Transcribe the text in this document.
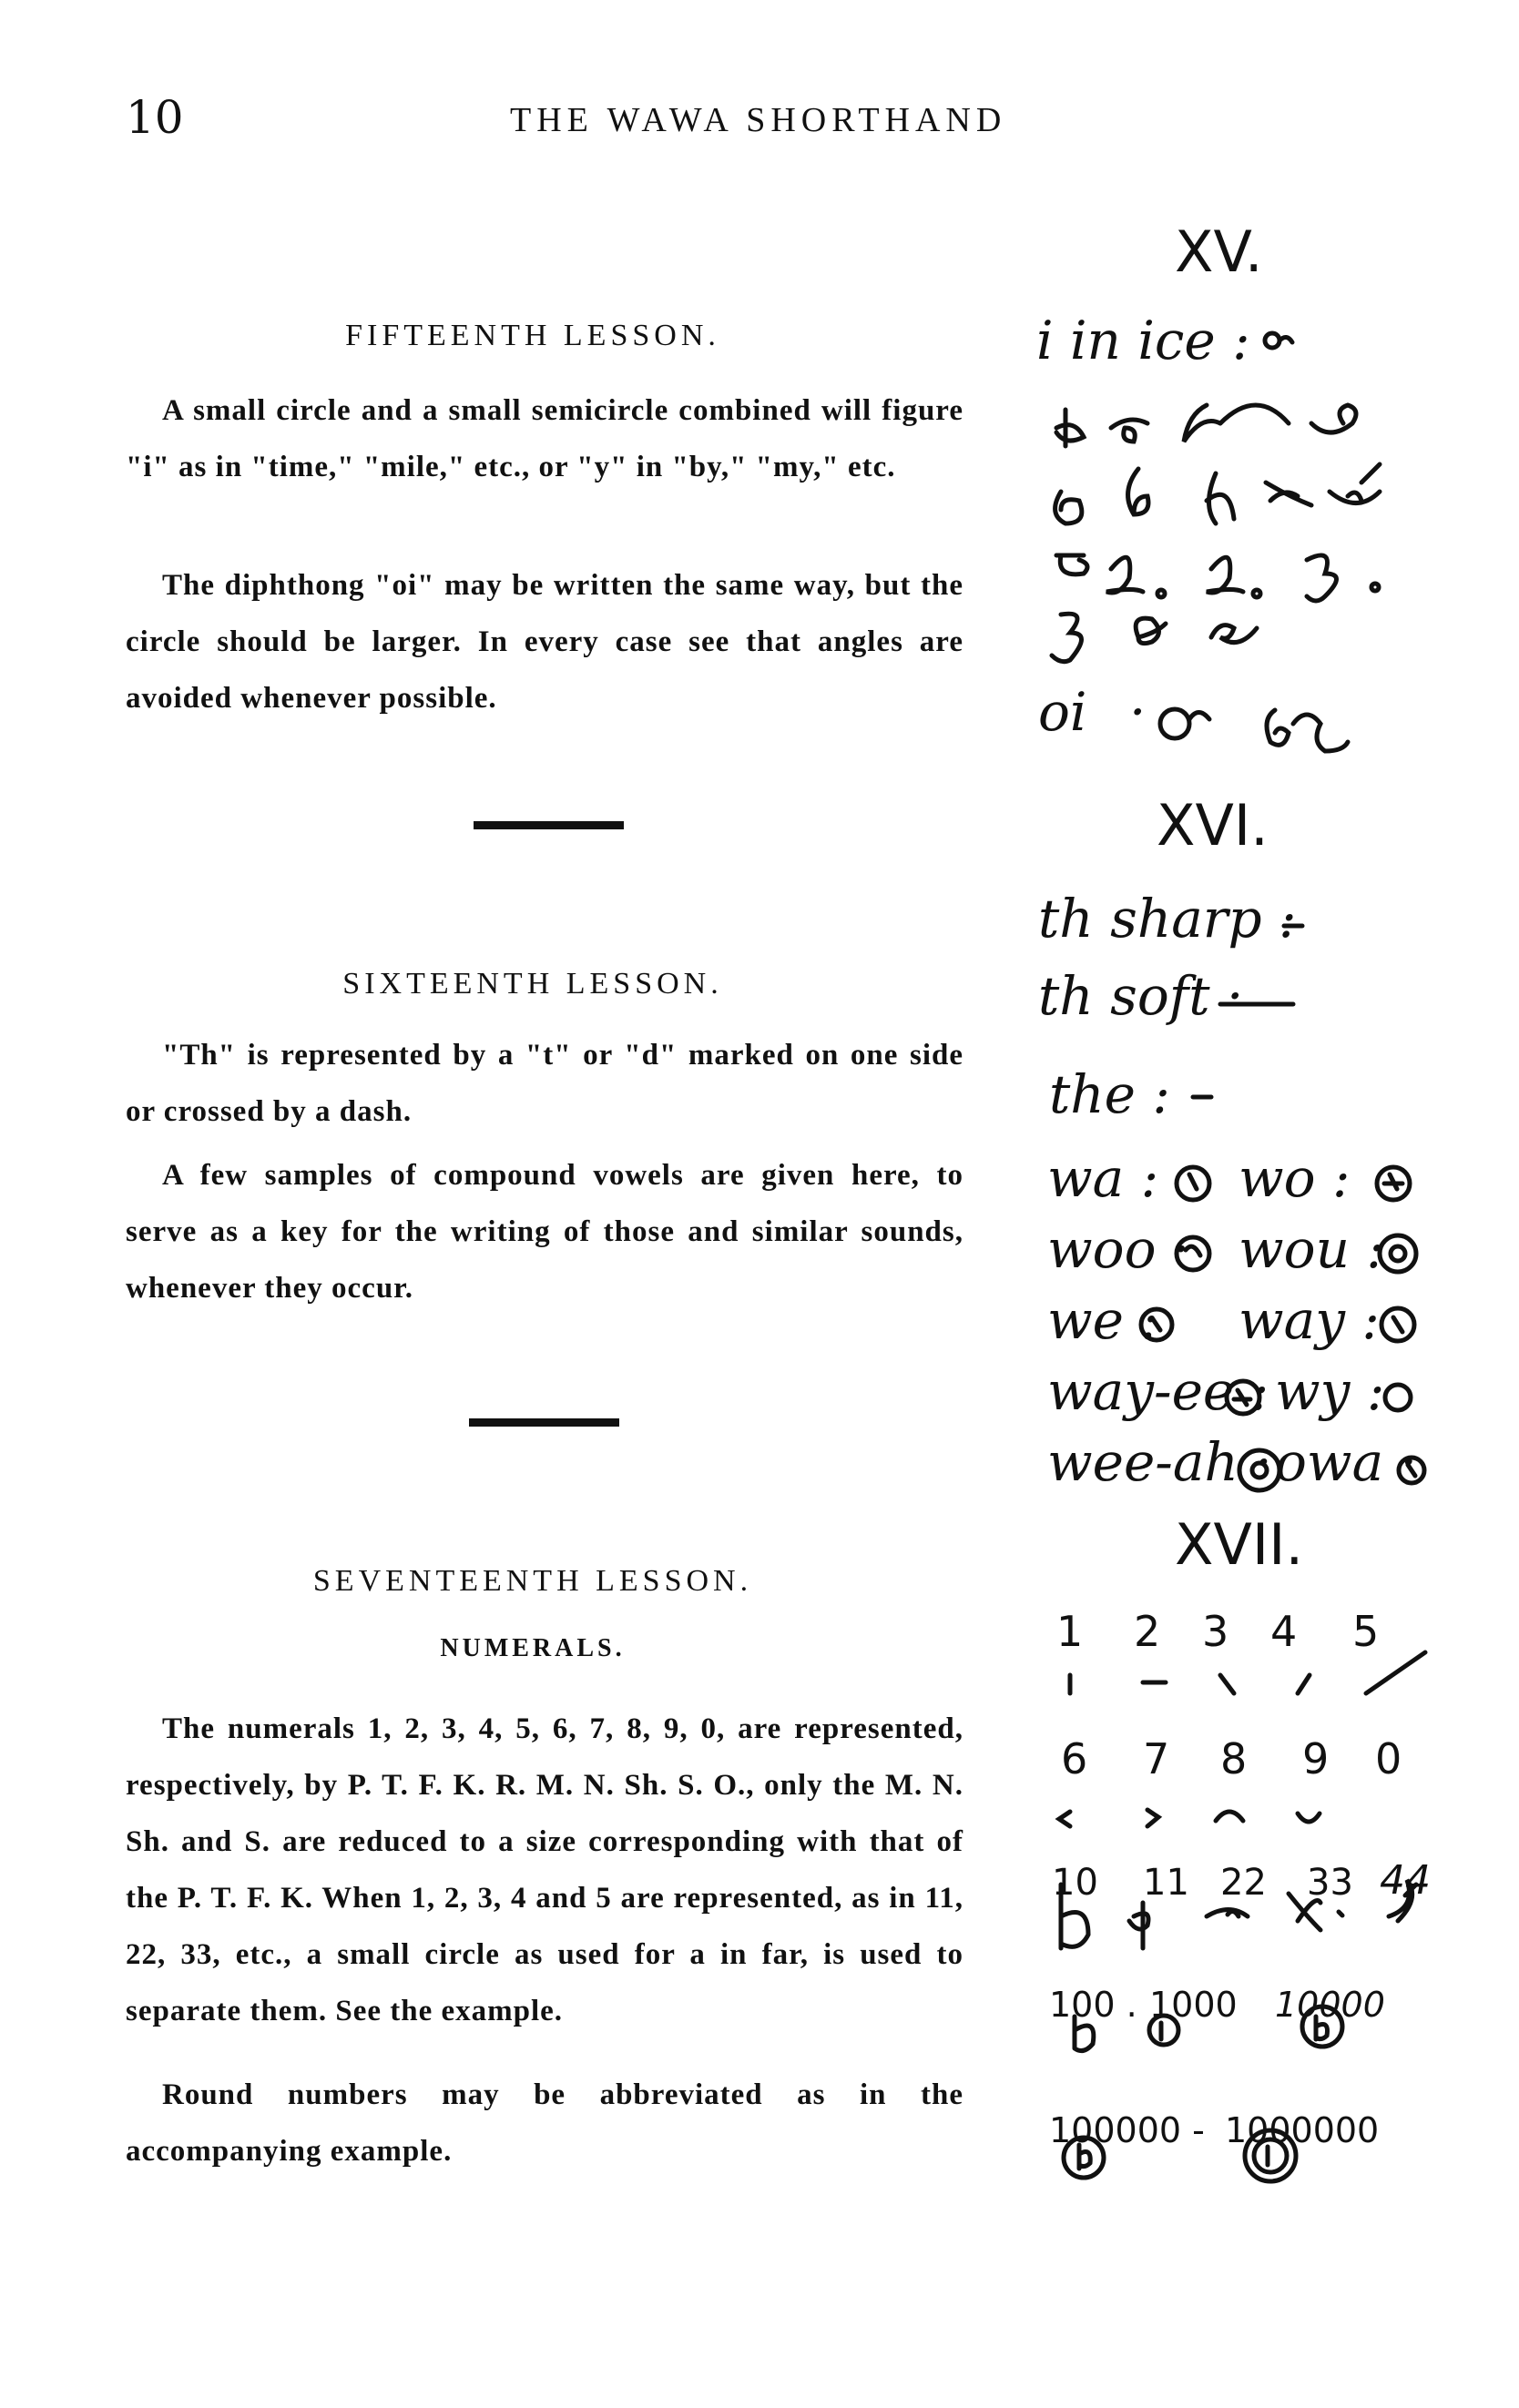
10	THE WAWA SHORTHAND
FIFTEENTH LESSON.
A small circle and a small semicircle combined will figure "i" as in "time," "mile," etc., or "y" in "by," "my," etc.
The diphthong "oi" may be written the same way, but the circle should be larger. In every case see that angles are avoided whenever possible.
SIXTEENTH LESSON.
"Th" is represented by a "t" or "d" marked on one side or crossed by a dash.
A few samples of compound vowels are given here, to serve as a key for the writing of those and similar sounds, whenever they occur.
SEVENTEENTH LESSON.
NUMERALS.
The numerals 1, 2, 3, 4, 5, 6, 7, 8, 9, 0, are represented, respectively, by P. T. F. K. R. M. N. Sh. S. O., only the M. N. Sh. and S. are reduced to a size corresponding with that of the P. T. F. K. When 1, 2, 3, 4 and 5 are represented, as in 11, 22, 33, etc., a small circle as used for a in far, is used to separate them. See the example.
Round numbers may be abbreviated as in the accompanying example.
XV.
i in ice :
oi ·
XVI.
th sharp :
th soft ·
the :
wa : wo :
woo · wou :
we : way :
way-ee : wy :
wee-ah · owa ·
XVII.
1 2 3 4 5
6 7 8 9 0
10 11 22 33 44
100 . 1000 10000
100000 - 1000000
